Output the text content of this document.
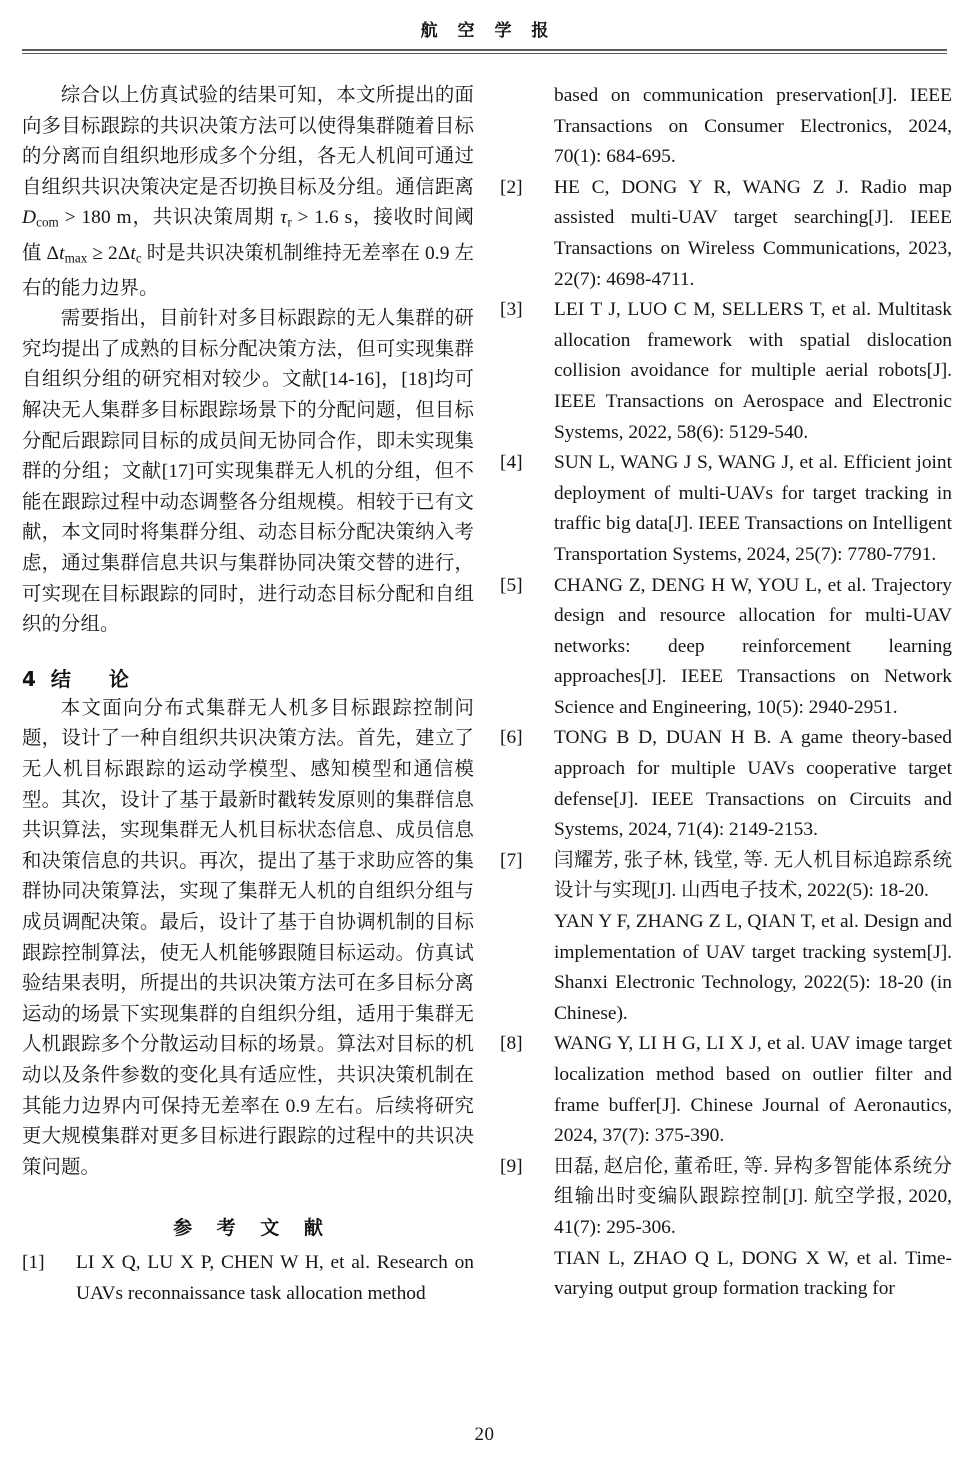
航 空 学 报

综合以上仿真试验的结果可知，本文所提出的面向多目标跟踪的共识决策方法可以使得集群随着目标的分离而自组织地形成多个分组，各无人机间可通过自组织共识决策决定是否切换目标及分组。通信距离 $D_{com} > 180$ m，共识决策周期 $\tau_r > 1.6$ s，接收时间阈值 $\Delta t_{max} \ge 2\Delta t_c$ 时是共识决策机制维持无差率在 0.9 左右的能力边界。

需要指出，目前针对多目标跟踪的无人集群的研究均提出了成熟的目标分配决策方法，但可实现集群自组织分组的研究相对较少。文献[14-16]，[18]均可解决无人集群多目标跟踪场景下的分配问题，但目标分配后跟踪同目标的成员间无协同合作，即未实现集群的分组；文献[17]可实现集群无人机的分组，但不能在跟踪过程中动态调整各分组规模。相较于已有文献，本文同时将集群分组、动态目标分配决策纳入考虑，通过集群信息共识与集群协同决策交替的进行，可实现在目标跟踪的同时，进行动态目标分配和自组织的分组。

4 结　论

本文面向分布式集群无人机多目标跟踪控制问题，设计了一种自组织共识决策方法。首先，建立了无人机目标跟踪的运动学模型、感知模型和通信模型。其次，设计了基于最新时戳转发原则的集群信息共识算法，实现集群无人机目标状态信息、成员信息和决策信息的共识。再次，提出了基于求助应答的集群协同决策算法，实现了集群无人机的自组织分组与成员调配决策。最后，设计了基于自协调机制的目标跟踪控制算法，使无人机能够跟随目标运动。仿真试验结果表明，所提出的共识决策方法可在多目标分离运动的场景下实现集群的自组织分组，适用于集群无人机跟踪多个分散运动目标的场景。算法对目标的机动以及条件参数的变化具有适应性，共识决策机制在其能力边界内可保持无差率在 0.9 左右。后续将研究更大规模集群对更多目标进行跟踪的过程中的共识决策问题。

参 考 文 献
[1]	LI X Q, LU X P, CHEN W H, et al. Research on UAVs reconnaissance task allocation method
based on communication preservation[J]. IEEE Transactions on Consumer Electronics, 2024, 70(1): 684-695.
[2]	HE C, DONG Y R, WANG Z J. Radio map assisted multi-UAV target searching[J]. IEEE Transactions on Wireless Communications, 2023, 22(7): 4698-4711.
[3]	LEI T J, LUO C M, SELLERS T, et al. Multitask allocation framework with spatial dislocation collision avoidance for multiple aerial robots[J]. IEEE Transactions on Aerospace and Electronic Systems, 2022, 58(6): 5129-540.
[4]	SUN L, WANG J S, WANG J, et al. Efficient joint deployment of multi-UAVs for target tracking in traffic big data[J]. IEEE Transactions on Intelligent Transportation Systems, 2024, 25(7): 7780-7791.
[5]	CHANG Z, DENG H W, YOU L, et al. Trajectory design and resource allocation for multi-UAV networks: deep reinforcement learning approaches[J]. IEEE Transactions on Network Science and Engineering, 10(5): 2940-2951.
[6]	TONG B D, DUAN H B. A game theory-based approach for multiple UAVs cooperative target defense[J]. IEEE Transactions on Circuits and Systems, 2024, 71(4): 2149-2153.
[7]	闫耀芳, 张子林, 钱堂, 等. 无人机目标追踪系统设计与实现[J]. 山西电子技术, 2022(5): 18-20.
YAN Y F, ZHANG Z L, QIAN T, et al. Design and implementation of UAV target tracking system[J]. Shanxi Electronic Technology, 2022(5): 18-20 (in Chinese).
[8]	WANG Y, LI H G, LI X J, et al. UAV image target localization method based on outlier filter and frame buffer[J]. Chinese Journal of Aeronautics, 2024, 37(7): 375-390.
[9]	田磊, 赵启伦, 董希旺, 等. 异构多智能体系统分组输出时变编队跟踪控制[J]. 航空学报, 2020, 41(7): 295-306.
TIAN L, ZHAO Q L, DONG X W, et al. Time-varying output group formation tracking for
20
